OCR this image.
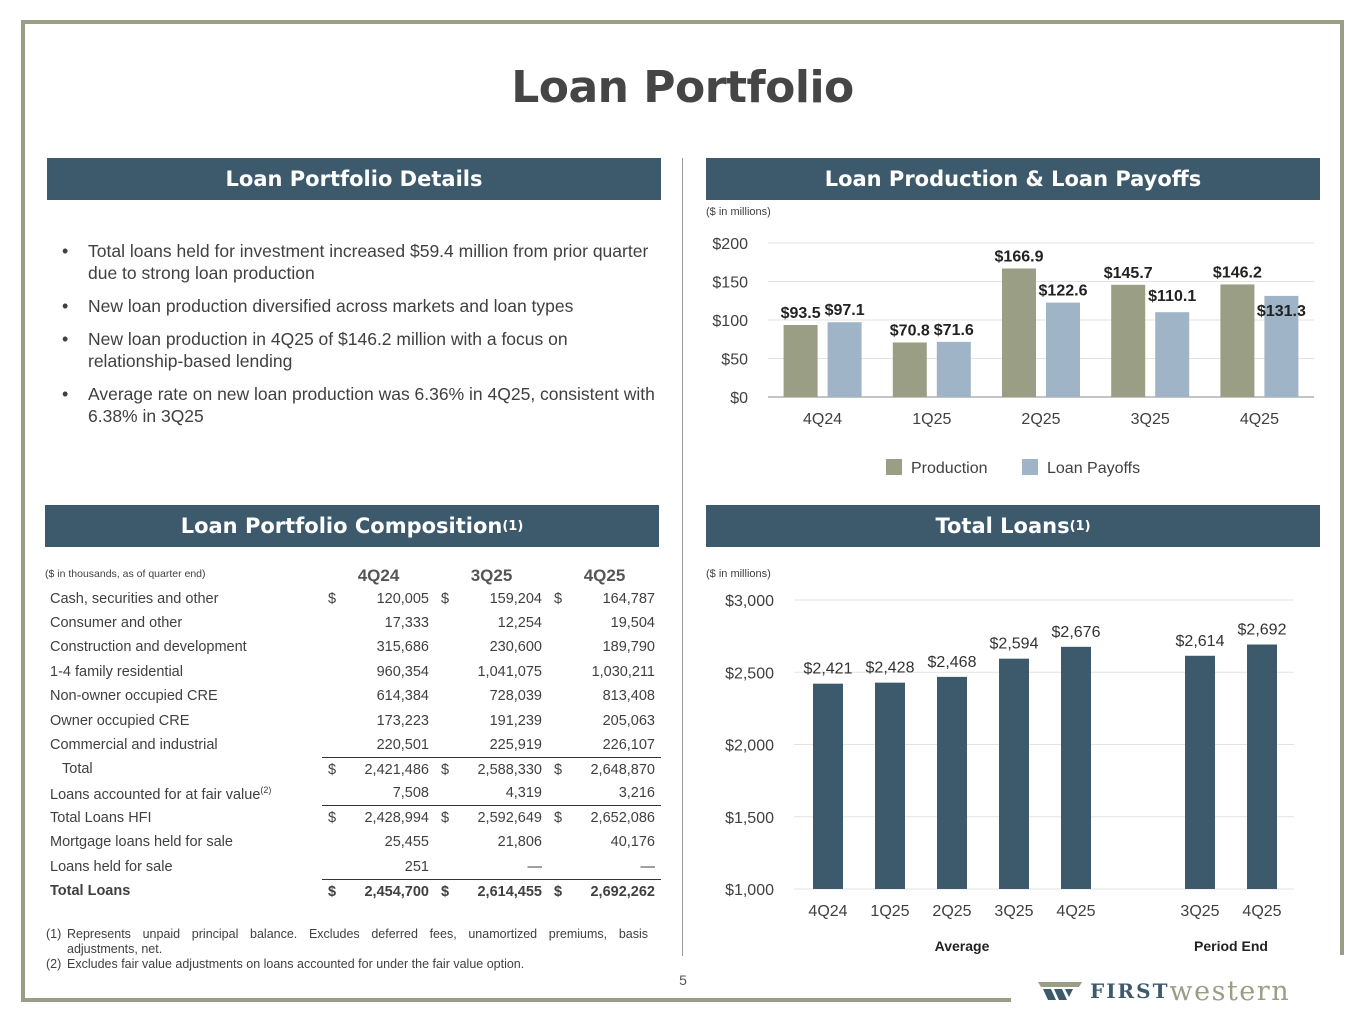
Loan Portfolio
Loan Portfolio Details
• Total loans held for investment increased $59.4 million from prior quarter due to strong loan production
• New loan production diversified across markets and loan types
• New loan production in 4Q25 of $146.2 million with a focus on relationship-based lending
• Average rate on new loan production was 6.36% in 4Q25, consistent with 6.38% in 3Q25
Loan Production & Loan Payoffs
($ in millions)
$0
$50
$100
$150
$200
$93.5 $97.1
4Q24
$70.8 $71.6
1Q25
$166.9
$122.6
2Q25
$145.7
$110.1
3Q25
$146.2
$131.3
4Q25
Production	Loan Payoffs
Loan Portfolio Composition (1)
($ in thousands, as of quarter end)	4Q24		3Q25		4Q25	
Cash, securities and other	$	120,005	$	159,204	$	164,787
Consumer and other		17,333		12,254		19,504
Construction and development		315,686		230,600		189,790
1-4 family residential		960,354		1,041,075		1,030,211
Non-owner occupied CRE		614,384		728,039		813,408
Owner occupied CRE		173,223		191,239		205,063
Commercial and industrial		220,501		225,919		226,107
Total	$	2,421,486	$	2,588,330	$	2,648,870
Loans accounted for at fair value$^{(2)}$		7,508		4,319		3,216
Total Loans HFI	$	2,428,994	$	2,592,649	$	2,652,086
Mortgage loans held for sale		25,455		21,806		40,176
Loans held for sale		251		—		—
Total Loans	$	2,454,700	$	2,614,455	$	2,692,262
(1) Represents unpaid principal balance. Excludes deferred fees, unamortized premiums, basis adjustments, net.
(2) Excludes fair value adjustments on loans accounted for under the fair value option.
Total Loans (1)
($ in millions)
$1,000
$1,500
$2,000
$2,500
$3,000
$2,421
4Q24
$2,428
1Q25
$2,468
2Q25
$2,594
3Q25
$2,676
4Q25
Average
$2,614
3Q25
$2,692
4Q25
Period End
5	FIRST western
